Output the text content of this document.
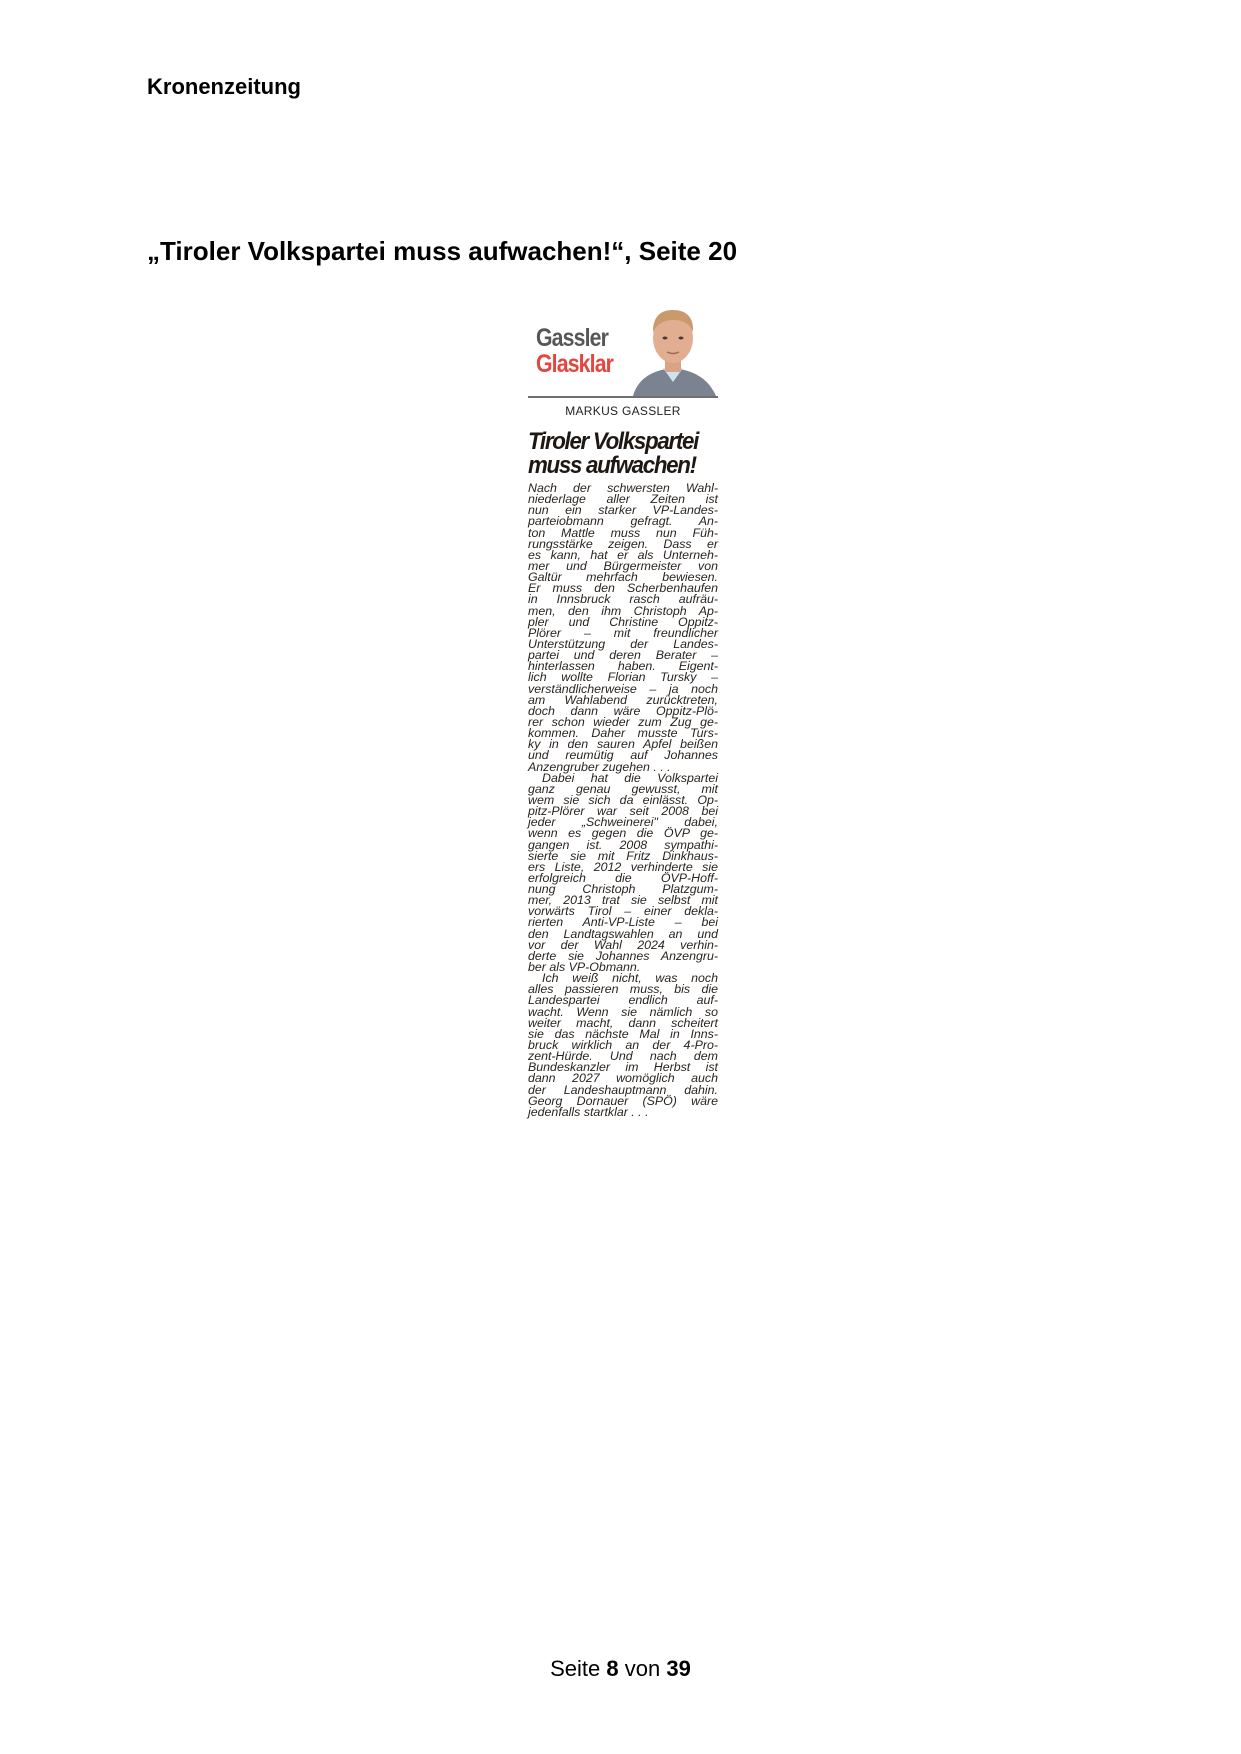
Kronenzeitung
„Tiroler Volkspartei muss aufwachen!“, Seite 20
Gassler
Glasklar
MARKUS GASSLER
Tiroler Volkspartei
muss aufwachen!
Nach der schwersten Wahl-
niederlage aller Zeiten ist
nun ein starker VP-Landes-
parteiobmann gefragt. An-
ton Mattle muss nun Füh-
rungsstärke zeigen. Dass er
es kann, hat er als Unterneh-
mer und Bürgermeister von
Galtür mehrfach bewiesen.
Er muss den Scherbenhaufen
in Innsbruck rasch aufräu-
men, den ihm Christoph Ap-
pler und Christine Oppitz-
Plörer – mit freundlicher
Unterstützung der Landes-
partei und deren Berater –
hinterlassen haben. Eigent-
lich wollte Florian Tursky –
verständlicherweise – ja noch
am Wahlabend zurücktreten,
doch dann wäre Oppitz-Plö-
rer schon wieder zum Zug ge-
kommen. Daher musste Turs-
ky in den sauren Apfel beißen
und reumütig auf Johannes
Anzengruber zugehen . . .
Dabei hat die Volkspartei
ganz genau gewusst, mit
wem sie sich da einlässt. Op-
pitz-Plörer war seit 2008 bei
jeder „Schweinerei" dabei,
wenn es gegen die ÖVP ge-
gangen ist. 2008 sympathi-
sierte sie mit Fritz Dinkhaus-
ers Liste, 2012 verhinderte sie
erfolgreich die ÖVP-Hoff-
nung Christoph Platzgum-
mer, 2013 trat sie selbst mit
vorwärts Tirol – einer dekla-
rierten Anti-VP-Liste – bei
den Landtagswahlen an und
vor der Wahl 2024 verhin-
derte sie Johannes Anzengru-
ber als VP-Obmann.
Ich weiß nicht, was noch
alles passieren muss, bis die
Landespartei endlich auf-
wacht. Wenn sie nämlich so
weiter macht, dann scheitert
sie das nächste Mal in Inns-
bruck wirklich an der 4-Pro-
zent-Hürde. Und nach dem
Bundeskanzler im Herbst ist
dann 2027 womöglich auch
der Landeshauptmann dahin.
Georg Dornauer (SPÖ) wäre
jedenfalls startklar . . .
Seite 8 von 39
